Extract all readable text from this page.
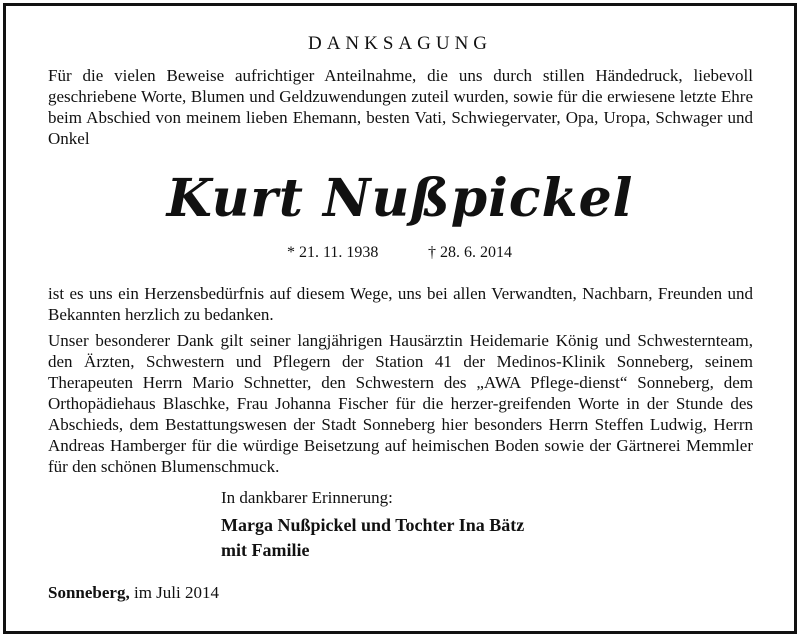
DANKSAGUNG
Für die vielen Beweise aufrichtiger Anteilnahme, die uns durch stillen Händedruck, liebevoll geschriebene Worte, Blumen und Geldzuwendungen zuteil wurden, sowie für die erwiesene letzte Ehre beim Abschied von meinem lieben Ehemann, besten Vati, Schwiegervater, Opa, Uropa, Schwager und Onkel
Kurt Nußpickel
* 21. 11. 1938	† 28. 6. 2014
ist es uns ein Herzensbedürfnis auf diesem Wege, uns bei allen Verwandten, Nachbarn, Freunden und Bekannten herzlich zu bedanken.
Unser besonderer Dank gilt seiner langjährigen Hausärztin Heidemarie König und Schwesternteam, den Ärzten, Schwestern und Pflegern der Station 41 der Medinos-Klinik Sonneberg, seinem Therapeuten Herrn Mario Schnetter, den Schwestern des „AWA Pflege-dienst“ Sonneberg, dem Orthopädiehaus Blaschke, Frau Johanna Fischer für die herzer-greifenden Worte in der Stunde des Abschieds, dem Bestattungswesen der Stadt Sonneberg hier besonders Herrn Steffen Ludwig, Herrn Andreas Hamberger für die würdige Beisetzung auf heimischen Boden sowie der Gärtnerei Memmler für den schönen Blumenschmuck.
In dankbarer Erinnerung:
Marga Nußpickel und Tochter Ina Bätz
mit Familie
Sonneberg, im Juli 2014
